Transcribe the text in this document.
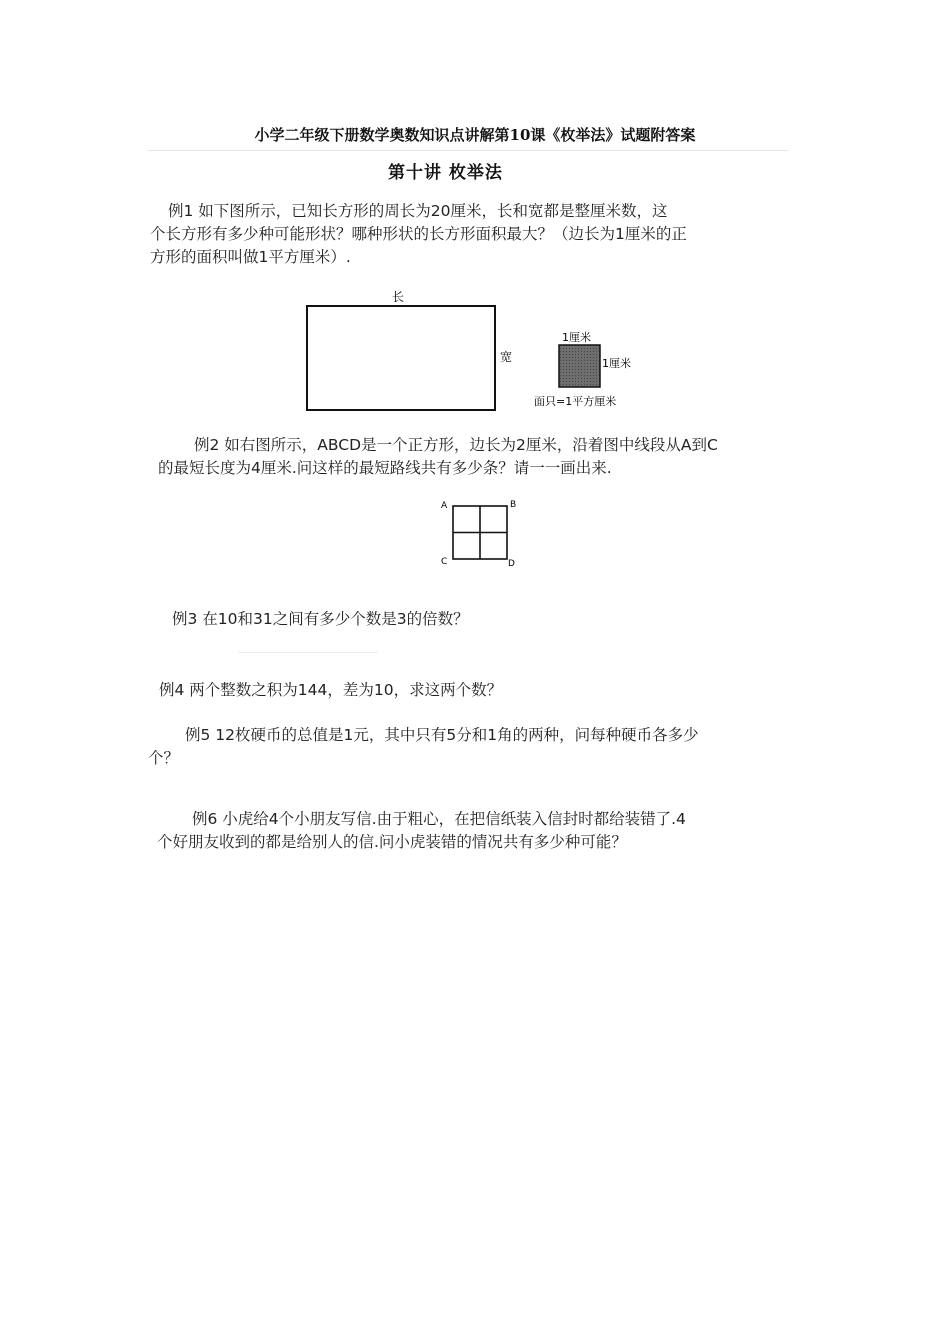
小学二年级下册数学奥数知识点讲解第10课《枚举法》试题附答案
第十讲 枚举法
例1 如下图所示，已知长方形的周长为20厘米，长和宽都是整厘米数，这
个长方形有多少种可能形状？哪种形状的长方形面积最大？（边长为1厘米的正
方形的面积叫做1平方厘米）.
长
宽
1厘米
1厘米
面只=1平方厘米
例2 如右图所示，ABCD是一个正方形，边长为2厘米，沿着图中线段从A到C
的最短长度为4厘米.问这样的最短路线共有多少条？请一一画出来.
A	B
C	D
例3 在10和31之间有多少个数是3的倍数？
例4 两个整数之积为144，差为10，求这两个数？
例5 12枚硬币的总值是1元，其中只有5分和1角的两种，问每种硬币各多少
个？
例6 小虎给4个小朋友写信.由于粗心，在把信纸装入信封时都给装错了.4
个好朋友收到的都是给别人的信.问小虎装错的情况共有多少种可能？
